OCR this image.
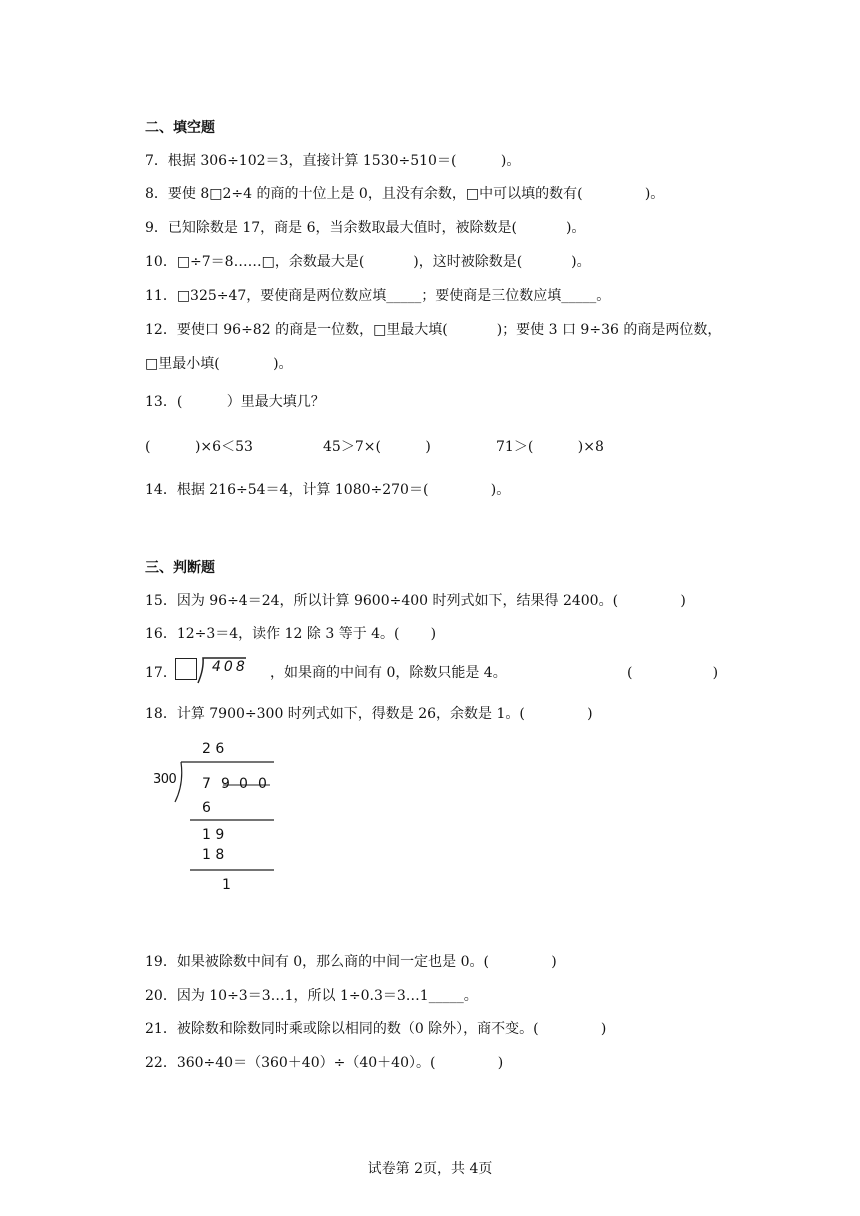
二、填空题
7．根据 306÷102＝3，直接计算 1530÷510＝(          )。
8．要使 8□2÷4 的商的十位上是 0，且没有余数，□中可以填的数有(              )。
9．已知除数是 17，商是 6，当余数取最大值时，被除数是(           )。
10．□÷7＝8……□，余数最大是(           )，这时被除数是(           )。
11．□325÷47，要使商是两位数应填_____；要使商是三位数应填_____。
12．要使口 96÷82 的商是一位数，□里最大填(           )；要使 3 口 9÷36 的商是两位数，
□里最小填(            )。
13．(          ）里最大填几？
(          )×6＜53	45＞7×(          )	71＞(          )×8
14．根据 216÷54＝4，计算 1080÷270＝(              )。
三、判断题
15．因为 96÷4＝24，所以计算 9600÷400 时列式如下，结果得 2400。(              )
16．12÷3＝4，读作 12 除 3 等于 4。(       )
17．	408 ，如果商的中间有 0，除数只能是 4。	(                  )
18．计算 7900÷300 时列式如下，得数是 26，余数是 1。(              )
2 6
300 7 9 0 0
6
1 9
1 8
1
19．如果被除数中间有 0，那么商的中间一定也是 0。(              )
20．因为 10÷3＝3…1，所以 1÷0.3＝3…1_____。
21．被除数和除数同时乘或除以相同的数（0 除外），商不变。(              )
22．360÷40＝（360＋40）÷（40＋40）。(              )
试卷第 2页，共 4页
